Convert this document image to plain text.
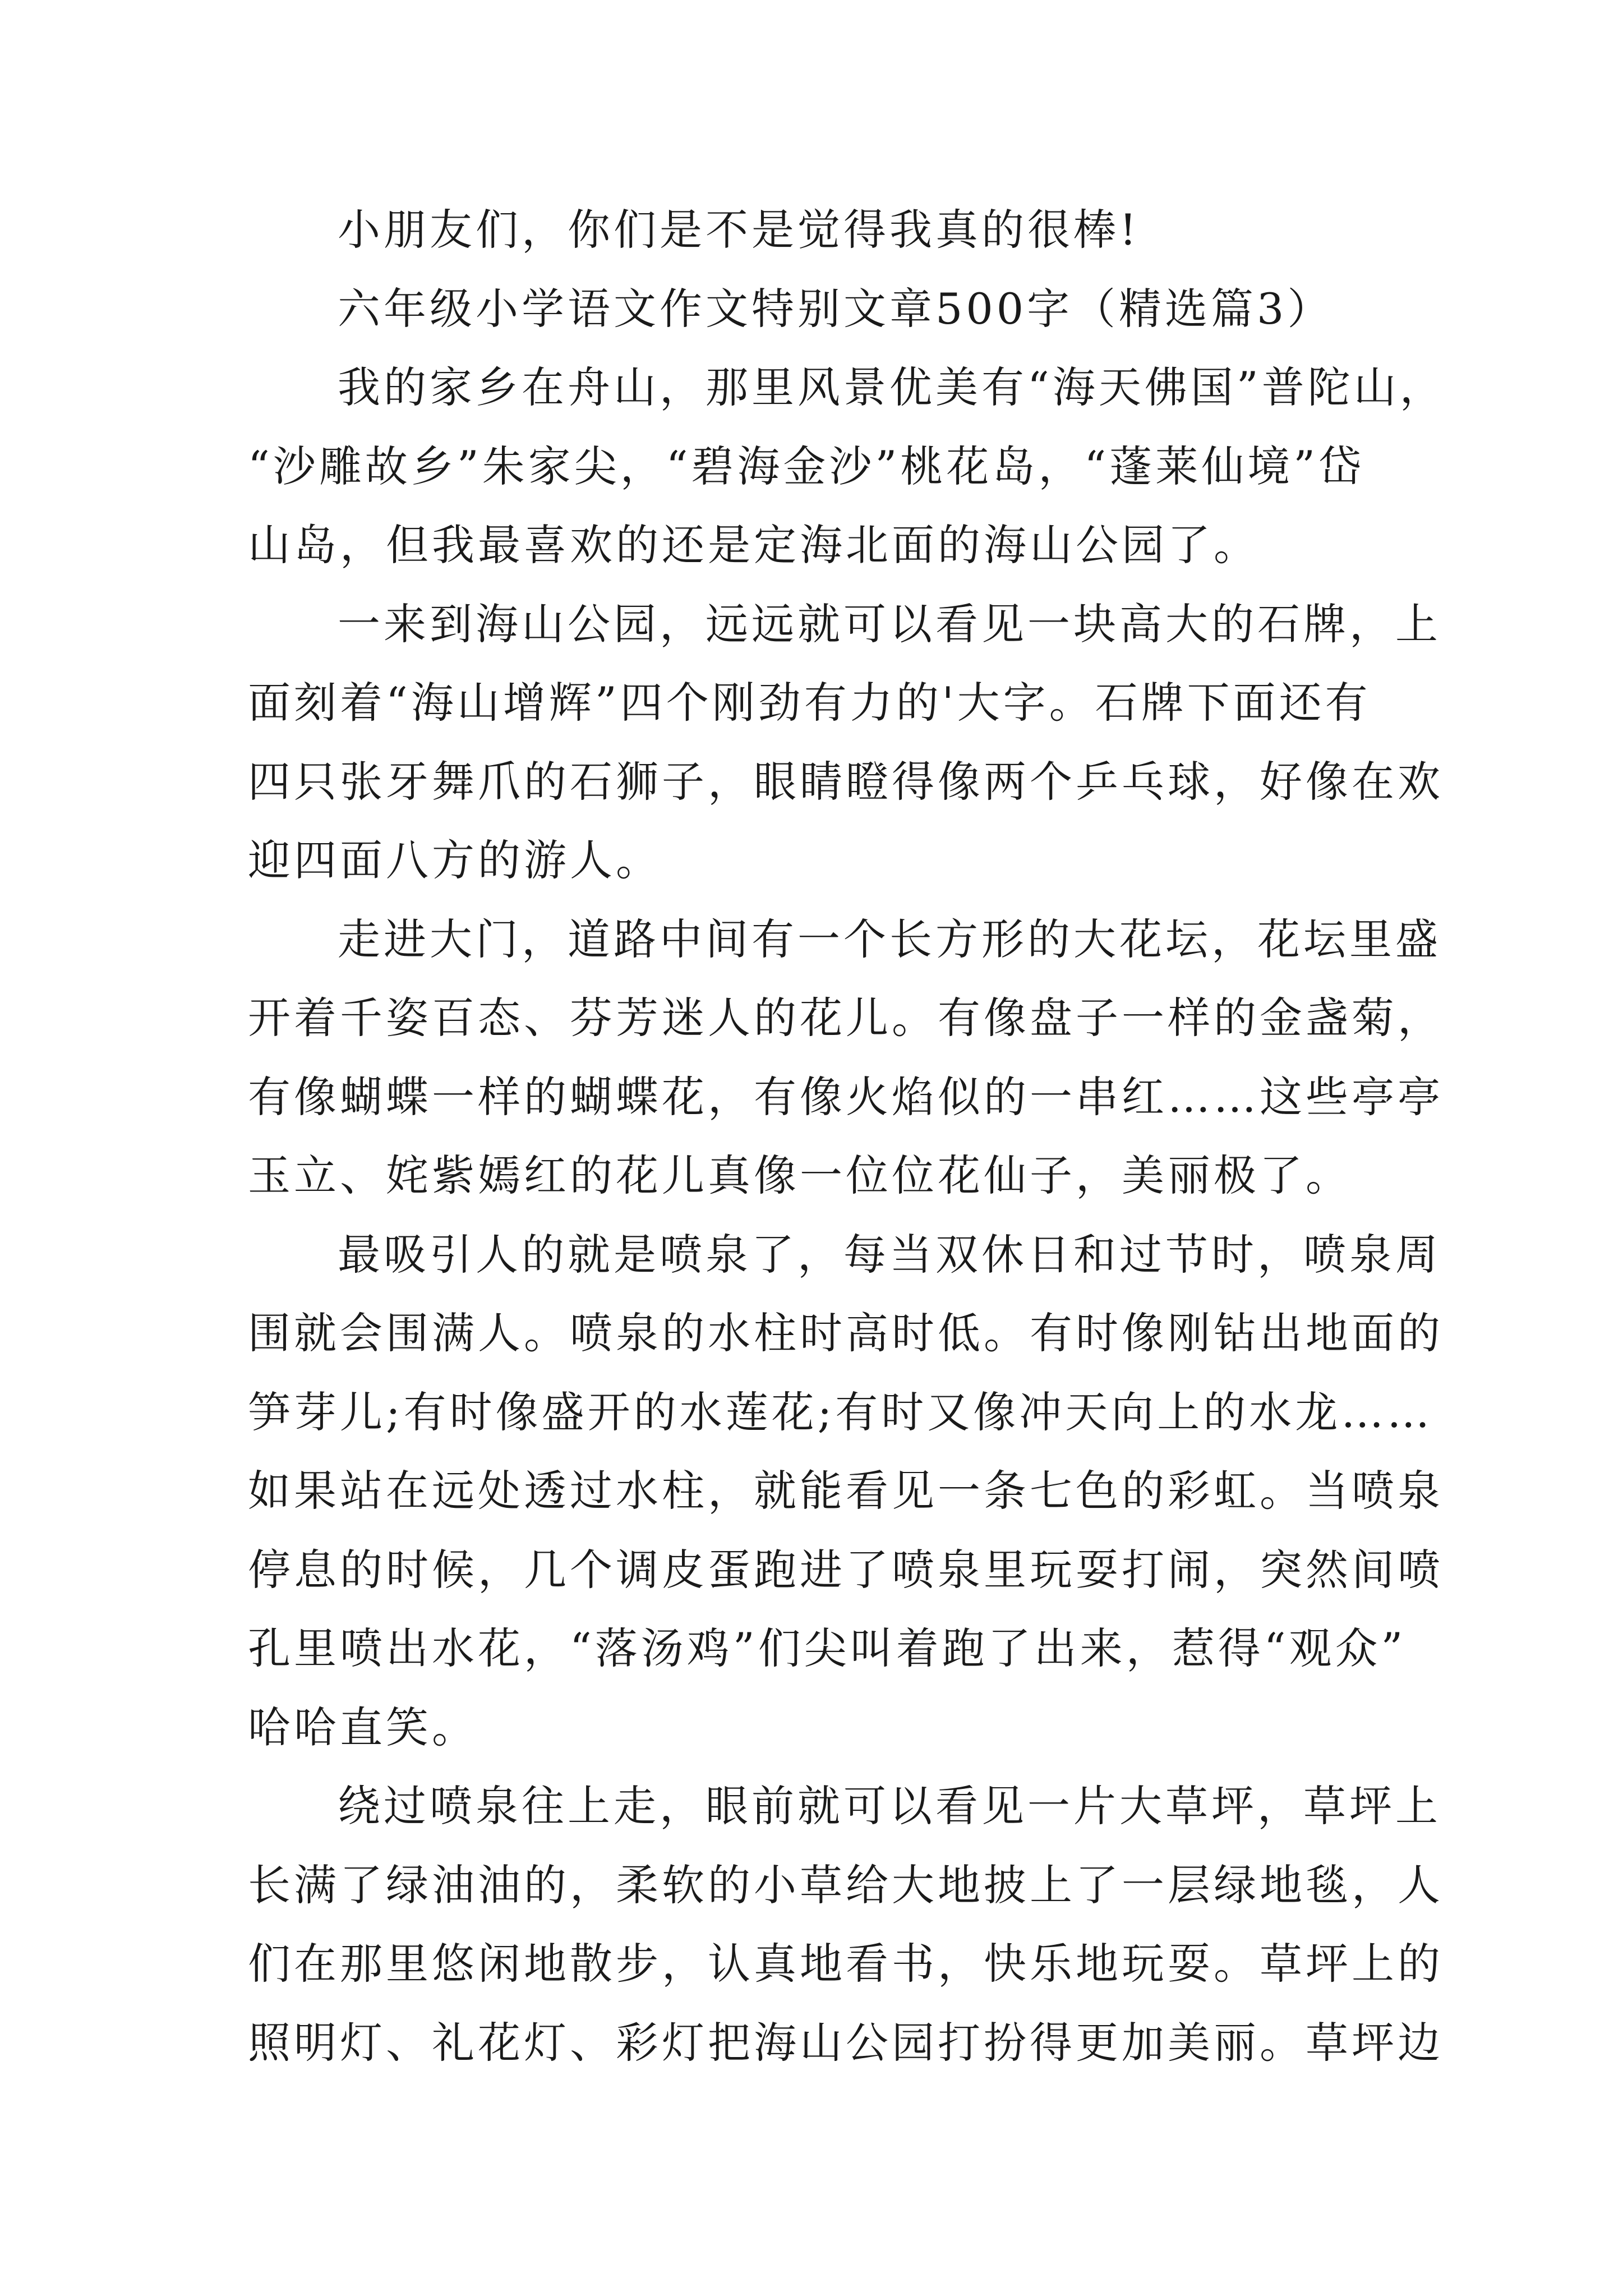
小朋友们，你们是不是觉得我真的很棒!
六年级小学语文作文特别文章500字（精选篇3）
我的家乡在舟山，那里风景优美有“海天佛国”普陀山，
“沙雕故乡”朱家尖，“碧海金沙”桃花岛，“蓬莱仙境”岱
山岛，但我最喜欢的还是定海北面的海山公园了。
一来到海山公园，远远就可以看见一块高大的石牌，上
面刻着“海山增辉”四个刚劲有力的'大字。石牌下面还有
四只张牙舞爪的石狮子，眼睛瞪得像两个乒乓球，好像在欢
迎四面八方的游人。
走进大门，道路中间有一个长方形的大花坛，花坛里盛
开着千姿百态、芬芳迷人的花儿。有像盘子一样的金盏菊，
有像蝴蝶一样的蝴蝶花，有像火焰似的一串红……这些亭亭
玉立、姹紫嫣红的花儿真像一位位花仙子，美丽极了。
最吸引人的就是喷泉了，每当双休日和过节时，喷泉周
围就会围满人。喷泉的水柱时高时低。有时像刚钻出地面的
笋芽儿;有时像盛开的水莲花;有时又像冲天向上的水龙……
如果站在远处透过水柱，就能看见一条七色的彩虹。当喷泉
停息的时候，几个调皮蛋跑进了喷泉里玩耍打闹，突然间喷
孔里喷出水花，“落汤鸡”们尖叫着跑了出来，惹得“观众”
哈哈直笑。
绕过喷泉往上走，眼前就可以看见一片大草坪，草坪上
长满了绿油油的，柔软的小草给大地披上了一层绿地毯，人
们在那里悠闲地散步，认真地看书，快乐地玩耍。草坪上的
照明灯、礼花灯、彩灯把海山公园打扮得更加美丽。草坪边
